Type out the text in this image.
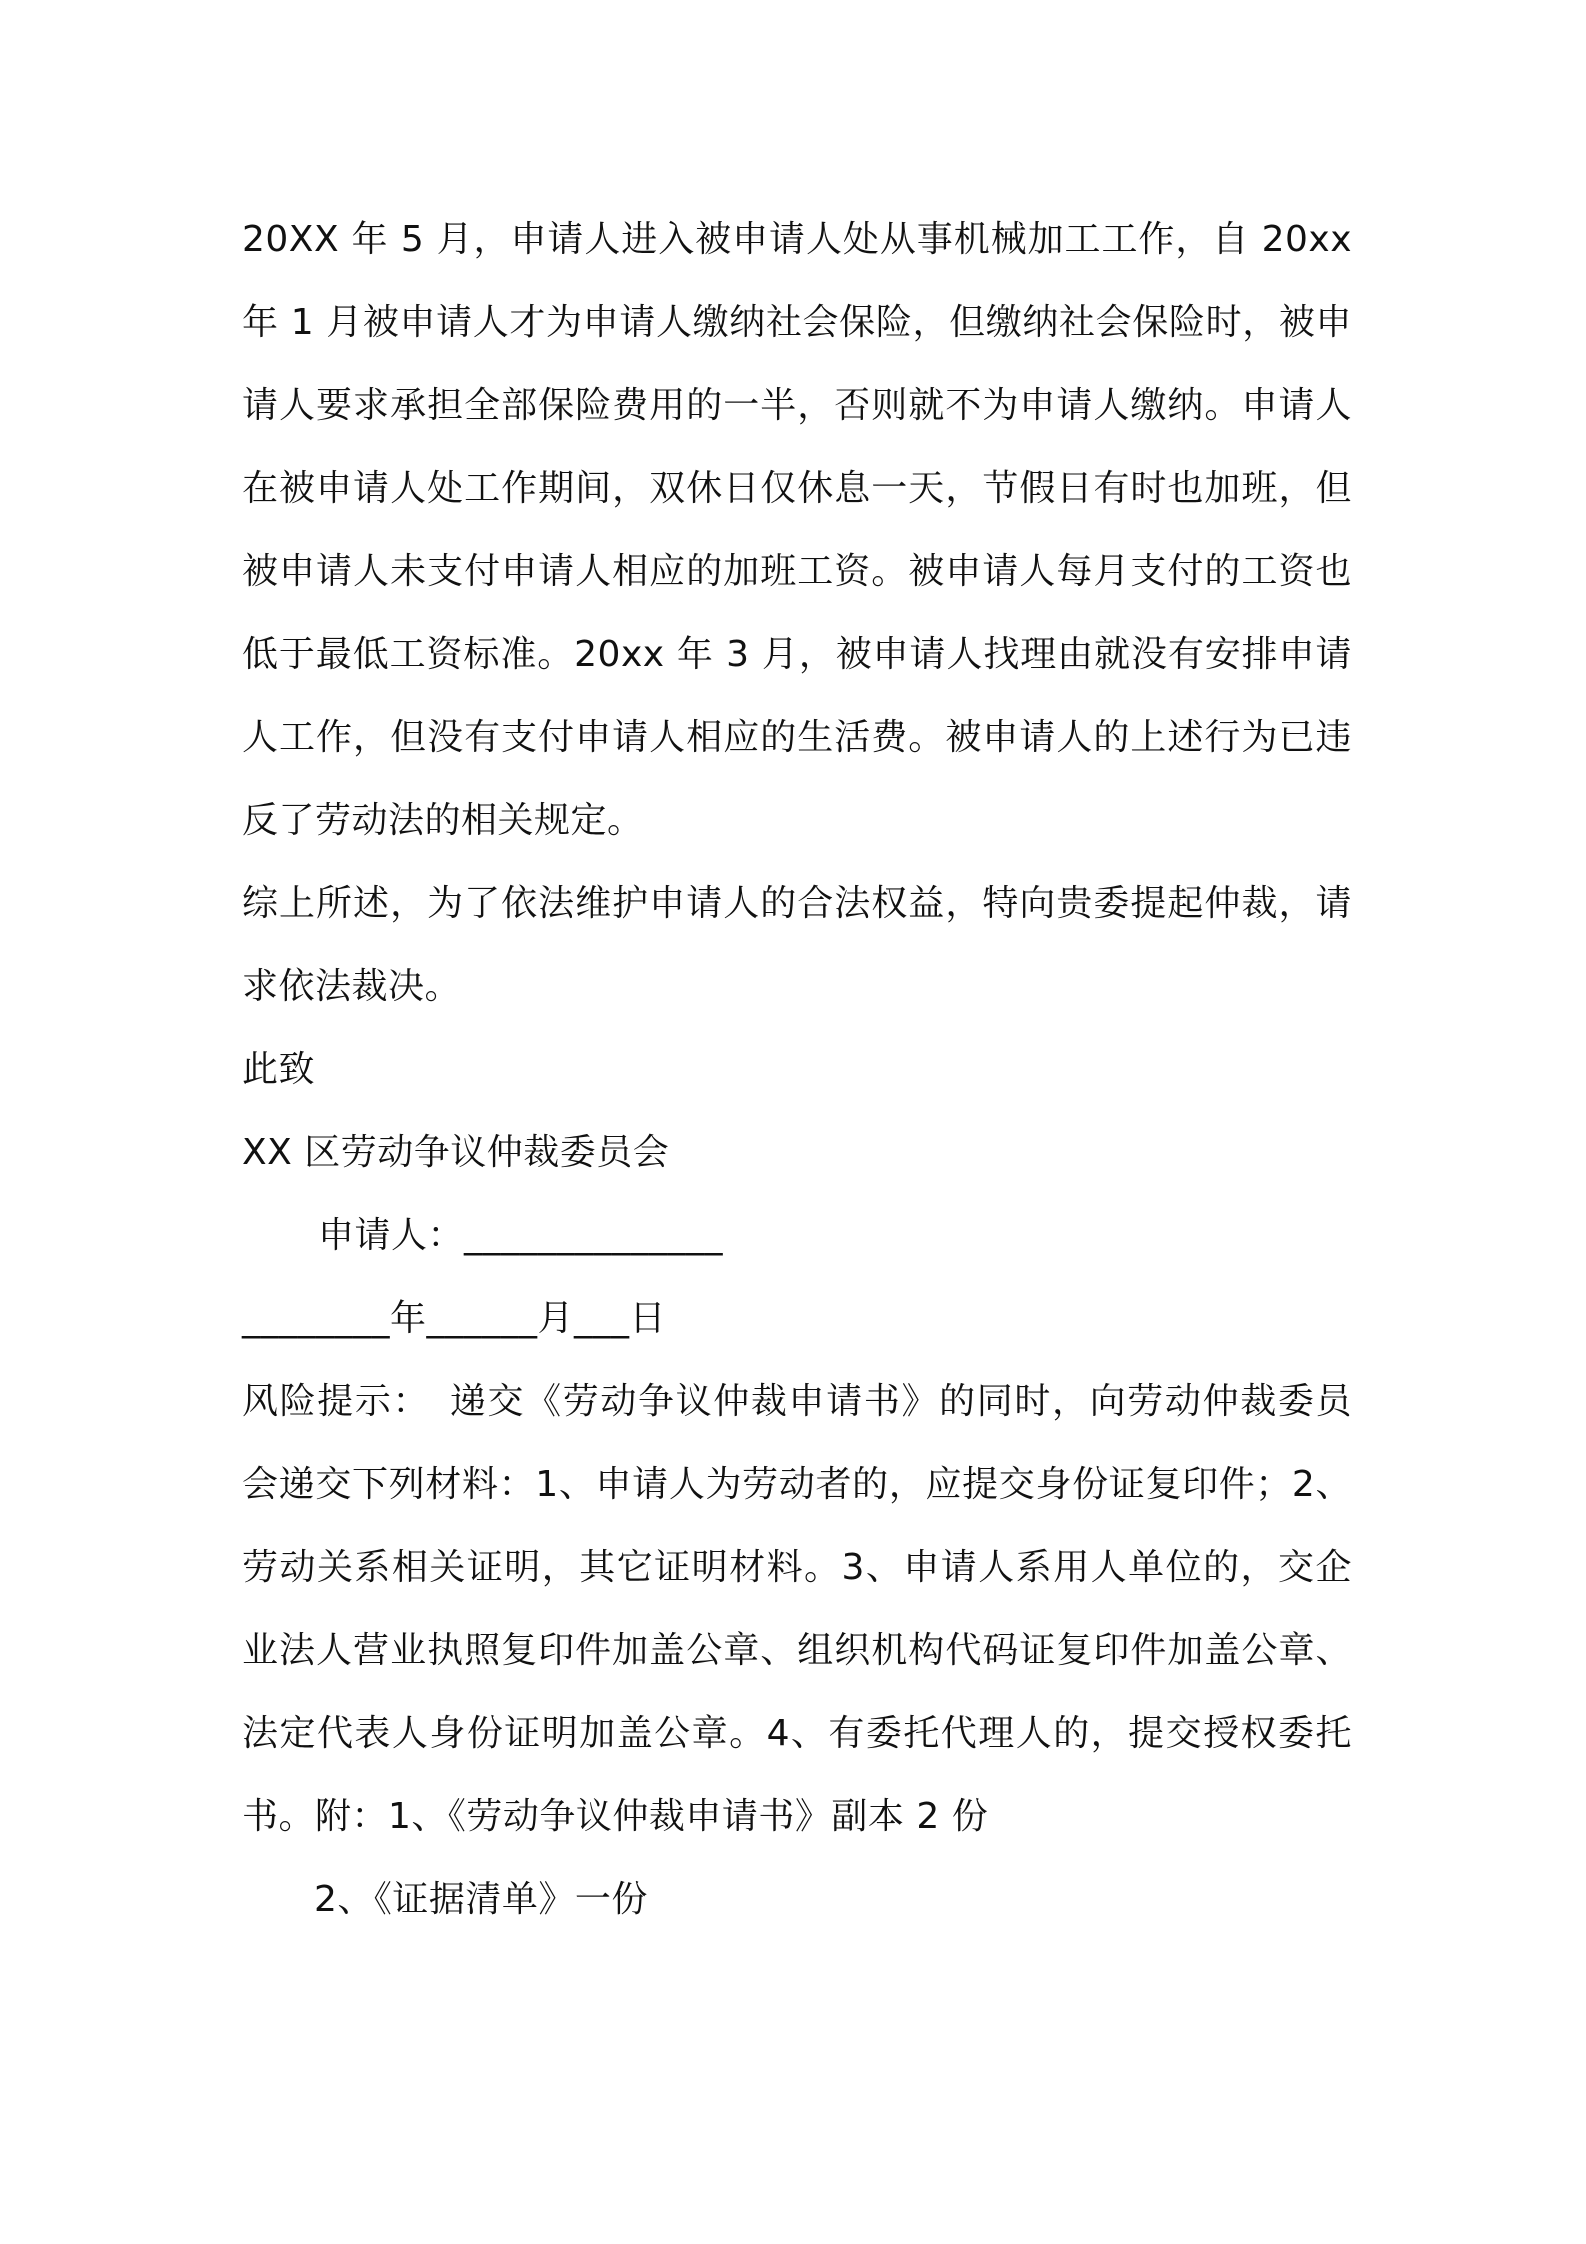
20XX 年 5 月，申请人进入被申请人处从事机械加工工作，自 20xx 年 1 月被申请人才为申请人缴纳社会保险，但缴纳社会保险时，被申请人要求承担全部保险费用的一半，否则就不为申请人缴纳。申请人在被申请人处工作期间，双休日仅休息一天，节假日有时也加班，但被申请人未支付申请人相应的加班工资。被申请人每月支付的工资也低于最低工资标准。20xx 年 3 月，被申请人找理由就没有安排申请人工作，但没有支付申请人相应的生活费。被申请人的上述行为已违反了劳动法的相关规定。

综上所述，为了依法维护申请人的合法权益，特向贵委提起仲裁，请求依法裁决。

此致

XX 区劳动争议仲裁委员会

申请人：______________

________年______月___日

风险提示：　递交《劳动争议仲裁申请书》的同时，向劳动仲裁委员会递交下列材料：1、申请人为劳动者的，应提交身份证复印件；2、劳动关系相关证明，其它证明材料。3、申请人系用人单位的，交企业法人营业执照复印件加盖公章、组织机构代码证复印件加盖公章、法定代表人身份证明加盖公章。4、有委托代理人的，提交授权委托书。附：1、《劳动争议仲裁申请书》副本 2 份

2、《证据清单》一份
